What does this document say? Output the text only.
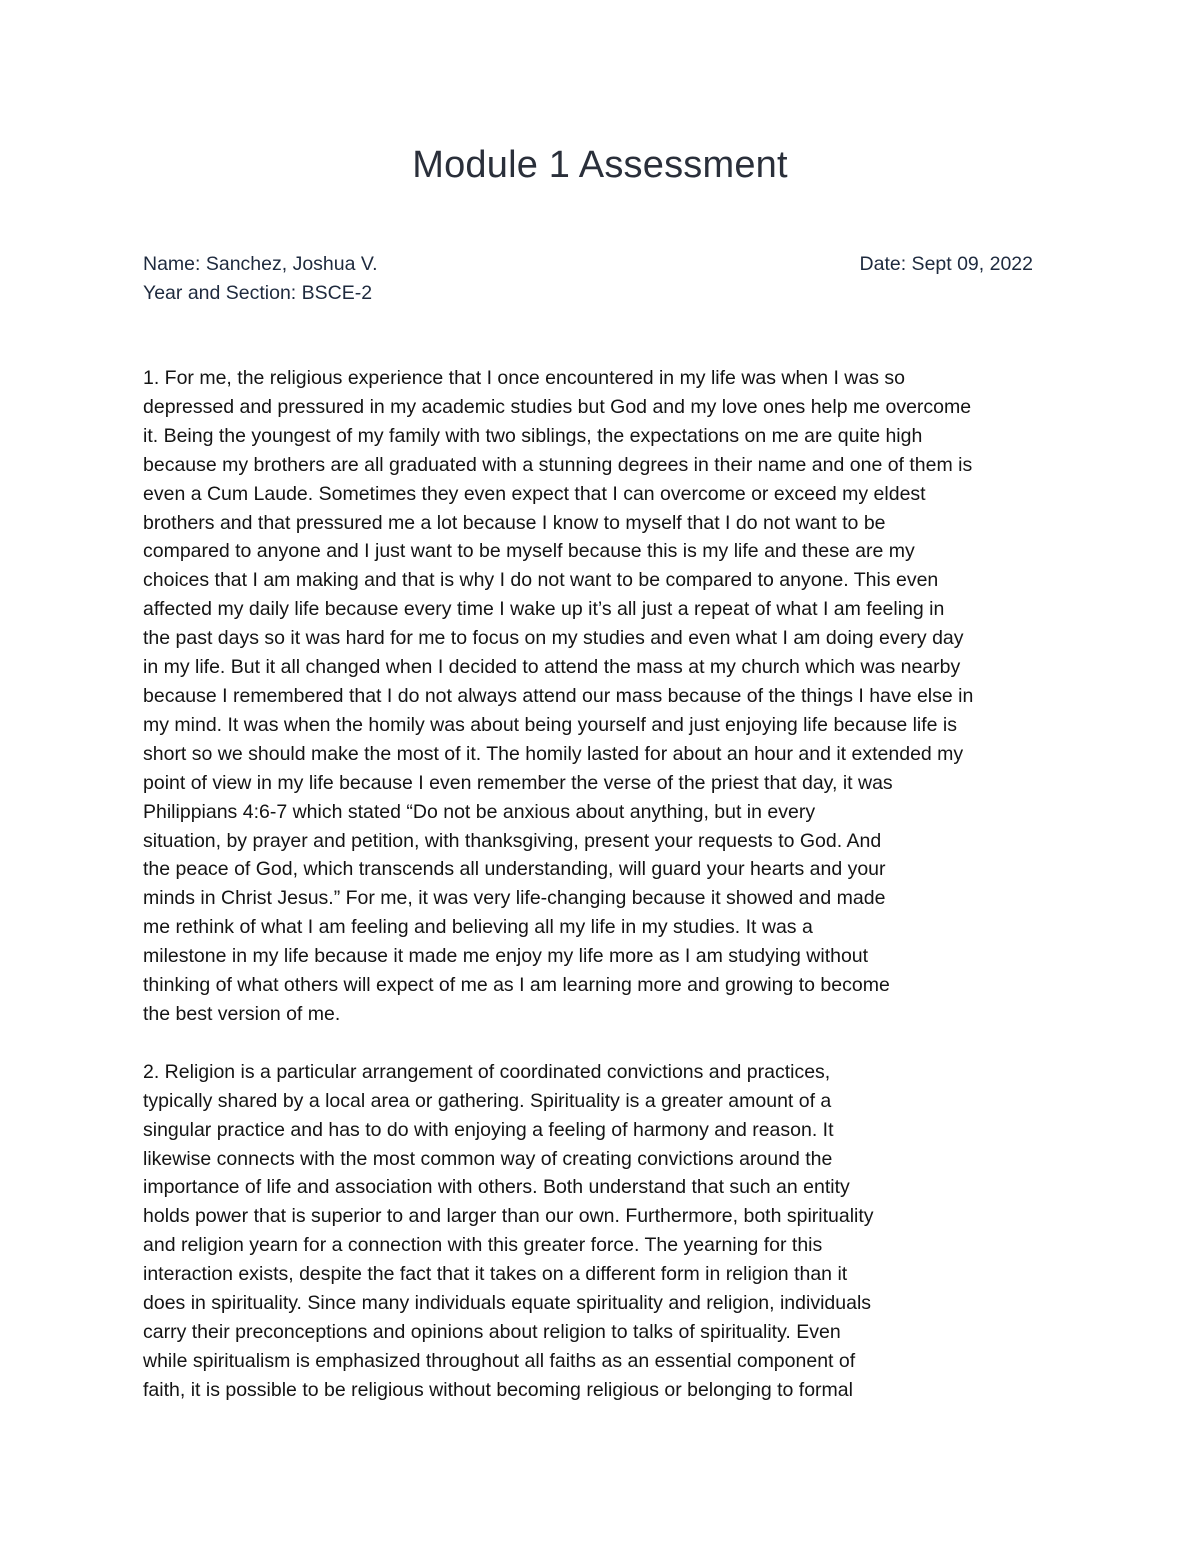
Module 1 Assessment
Name: Sanchez, Joshua V.	Date: Sept 09, 2022
Year and Section: BSCE-2

1. For me, the religious experience that I once encountered in my life was when I was so
depressed and pressured in my academic studies but God and my love ones help me overcome
it. Being the youngest of my family with two siblings, the expectations on me are quite high
because my brothers are all graduated with a stunning degrees in their name and one of them is
even a Cum Laude. Sometimes they even expect that I can overcome or exceed my eldest
brothers and that pressured me a lot because I know to myself that I do not want to be
compared to anyone and I just want to be myself because this is my life and these are my
choices that I am making and that is why I do not want to be compared to anyone. This even
affected my daily life because every time I wake up it’s all just a repeat of what I am feeling in
the past days so it was hard for me to focus on my studies and even what I am doing every day
in my life. But it all changed when I decided to attend the mass at my church which was nearby
because I remembered that I do not always attend our mass because of the things I have else in
my mind. It was when the homily was about being yourself and just enjoying life because life is
short so we should make the most of it. The homily lasted for about an hour and it extended my
point of view in my life because I even remember the verse of the priest that day, it was
Philippians 4:6-7 which stated “Do not be anxious about anything, but in every
situation, by prayer and petition, with thanksgiving, present your requests to God. And
the peace of God, which transcends all understanding, will guard your hearts and your
minds in Christ Jesus.” For me, it was very life-changing because it showed and made
me rethink of what I am feeling and believing all my life in my studies. It was a
milestone in my life because it made me enjoy my life more as I am studying without
thinking of what others will expect of me as I am learning more and growing to become
the best version of me.

2. Religion is a particular arrangement of coordinated convictions and practices,
typically shared by a local area or gathering. Spirituality is a greater amount of a
singular practice and has to do with enjoying a feeling of harmony and reason. It
likewise connects with the most common way of creating convictions around the
importance of life and association with others. Both understand that such an entity
holds power that is superior to and larger than our own. Furthermore, both spirituality
and religion yearn for a connection with this greater force. The yearning for this
interaction exists, despite the fact that it takes on a different form in religion than it
does in spirituality. Since many individuals equate spirituality and religion, individuals
carry their preconceptions and opinions about religion to talks of spirituality. Even
while spiritualism is emphasized throughout all faiths as an essential component of
faith, it is possible to be religious without becoming religious or belonging to formal
